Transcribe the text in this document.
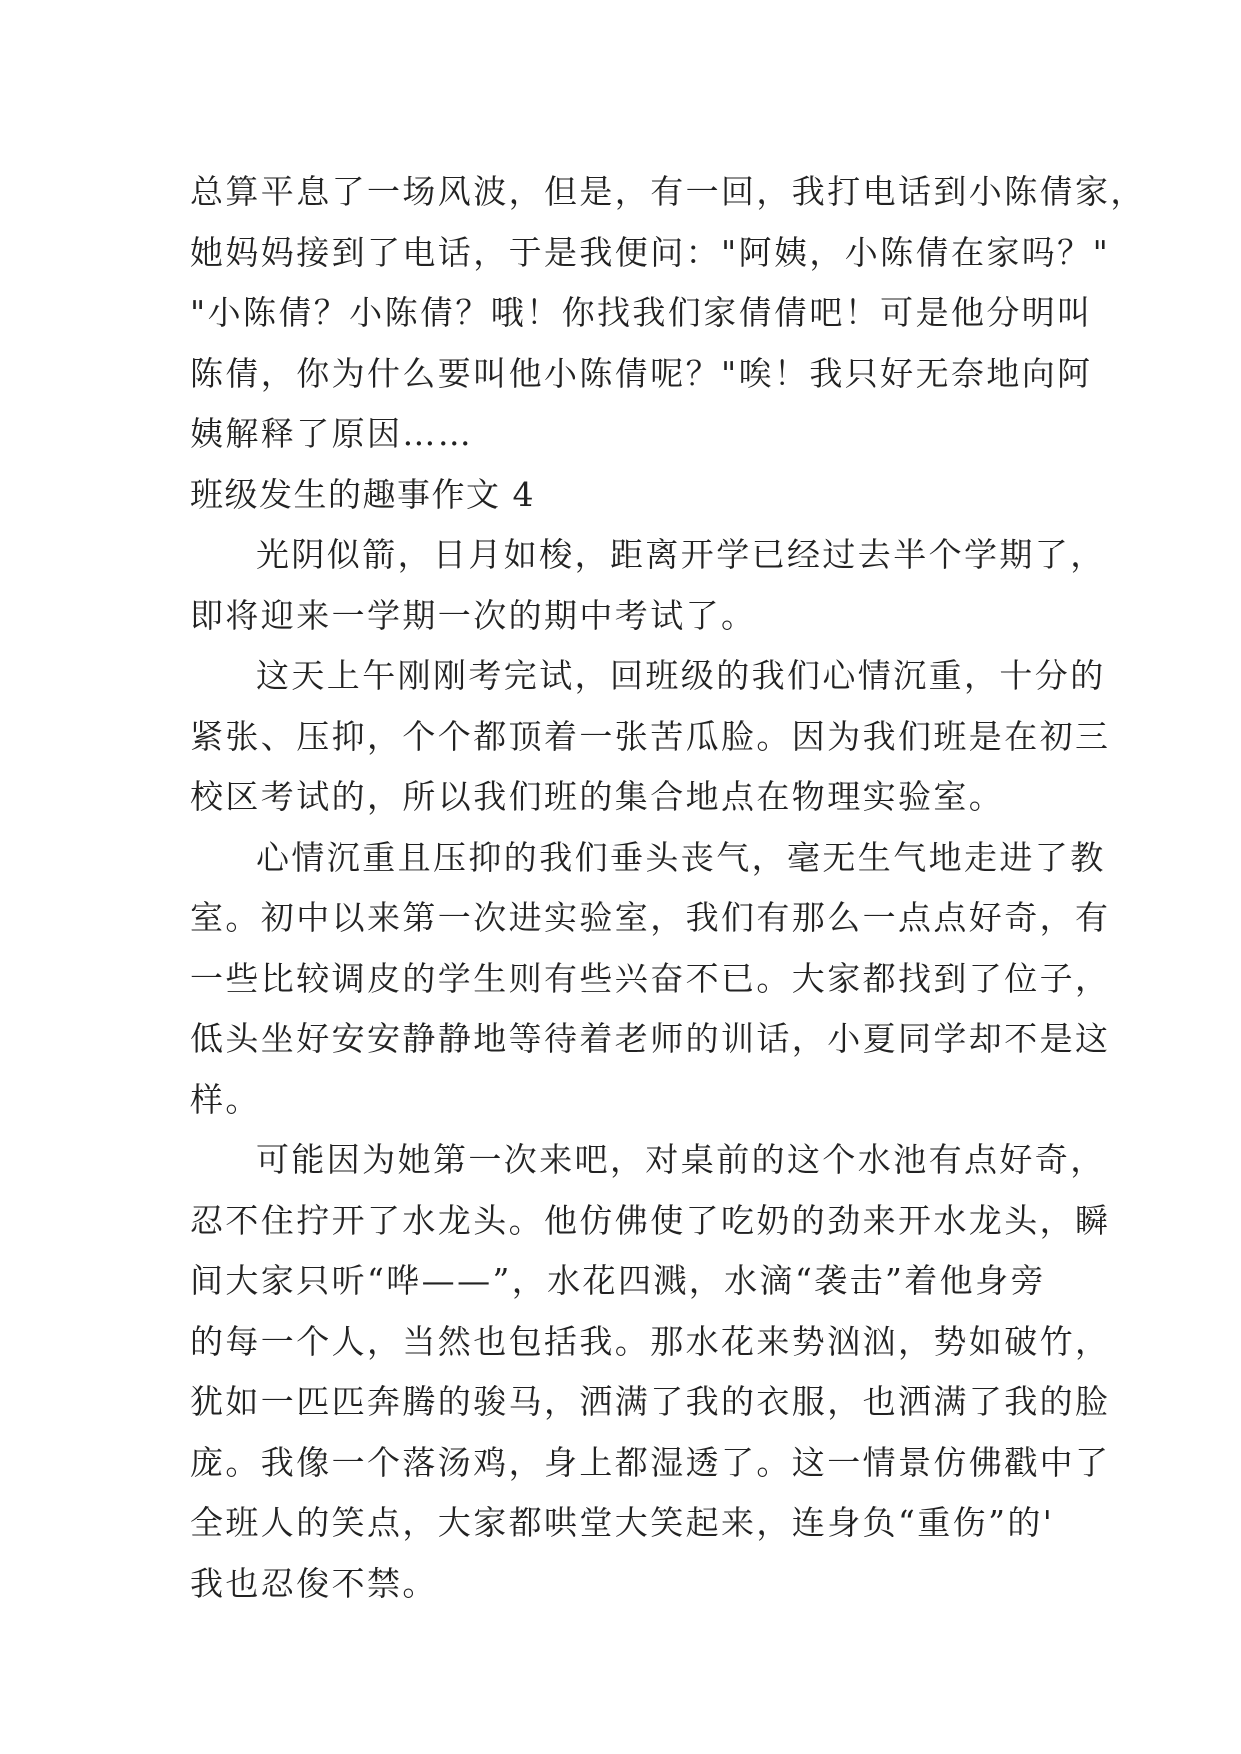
总算平息了一场风波，但是，有一回，我打电话到小陈倩家，
她妈妈接到了电话，于是我便问："阿姨，小陈倩在家吗？"
"小陈倩？小陈倩？哦！你找我们家倩倩吧！可是他分明叫
陈倩，你为什么要叫他小陈倩呢？"唉！我只好无奈地向阿
姨解释了原因……
班级发生的趣事作文 4
光阴似箭，日月如梭，距离开学已经过去半个学期了，
即将迎来一学期一次的期中考试了。
这天上午刚刚考完试，回班级的我们心情沉重，十分的
紧张、压抑，个个都顶着一张苦瓜脸。因为我们班是在初三
校区考试的，所以我们班的集合地点在物理实验室。
心情沉重且压抑的我们垂头丧气，毫无生气地走进了教
室。初中以来第一次进实验室，我们有那么一点点好奇，有
一些比较调皮的学生则有些兴奋不已。大家都找到了位子，
低头坐好安安静静地等待着老师的训话，小夏同学却不是这
样。
可能因为她第一次来吧，对桌前的这个水池有点好奇，
忍不住拧开了水龙头。他仿佛使了吃奶的劲来开水龙头，瞬
间大家只听“哗——”，水花四溅，水滴“袭击”着他身旁
的每一个人，当然也包括我。那水花来势汹汹，势如破竹，
犹如一匹匹奔腾的骏马，洒满了我的衣服，也洒满了我的脸
庞。我像一个落汤鸡，身上都湿透了。这一情景仿佛戳中了
全班人的笑点，大家都哄堂大笑起来，连身负“重伤”的'
我也忍俊不禁。
